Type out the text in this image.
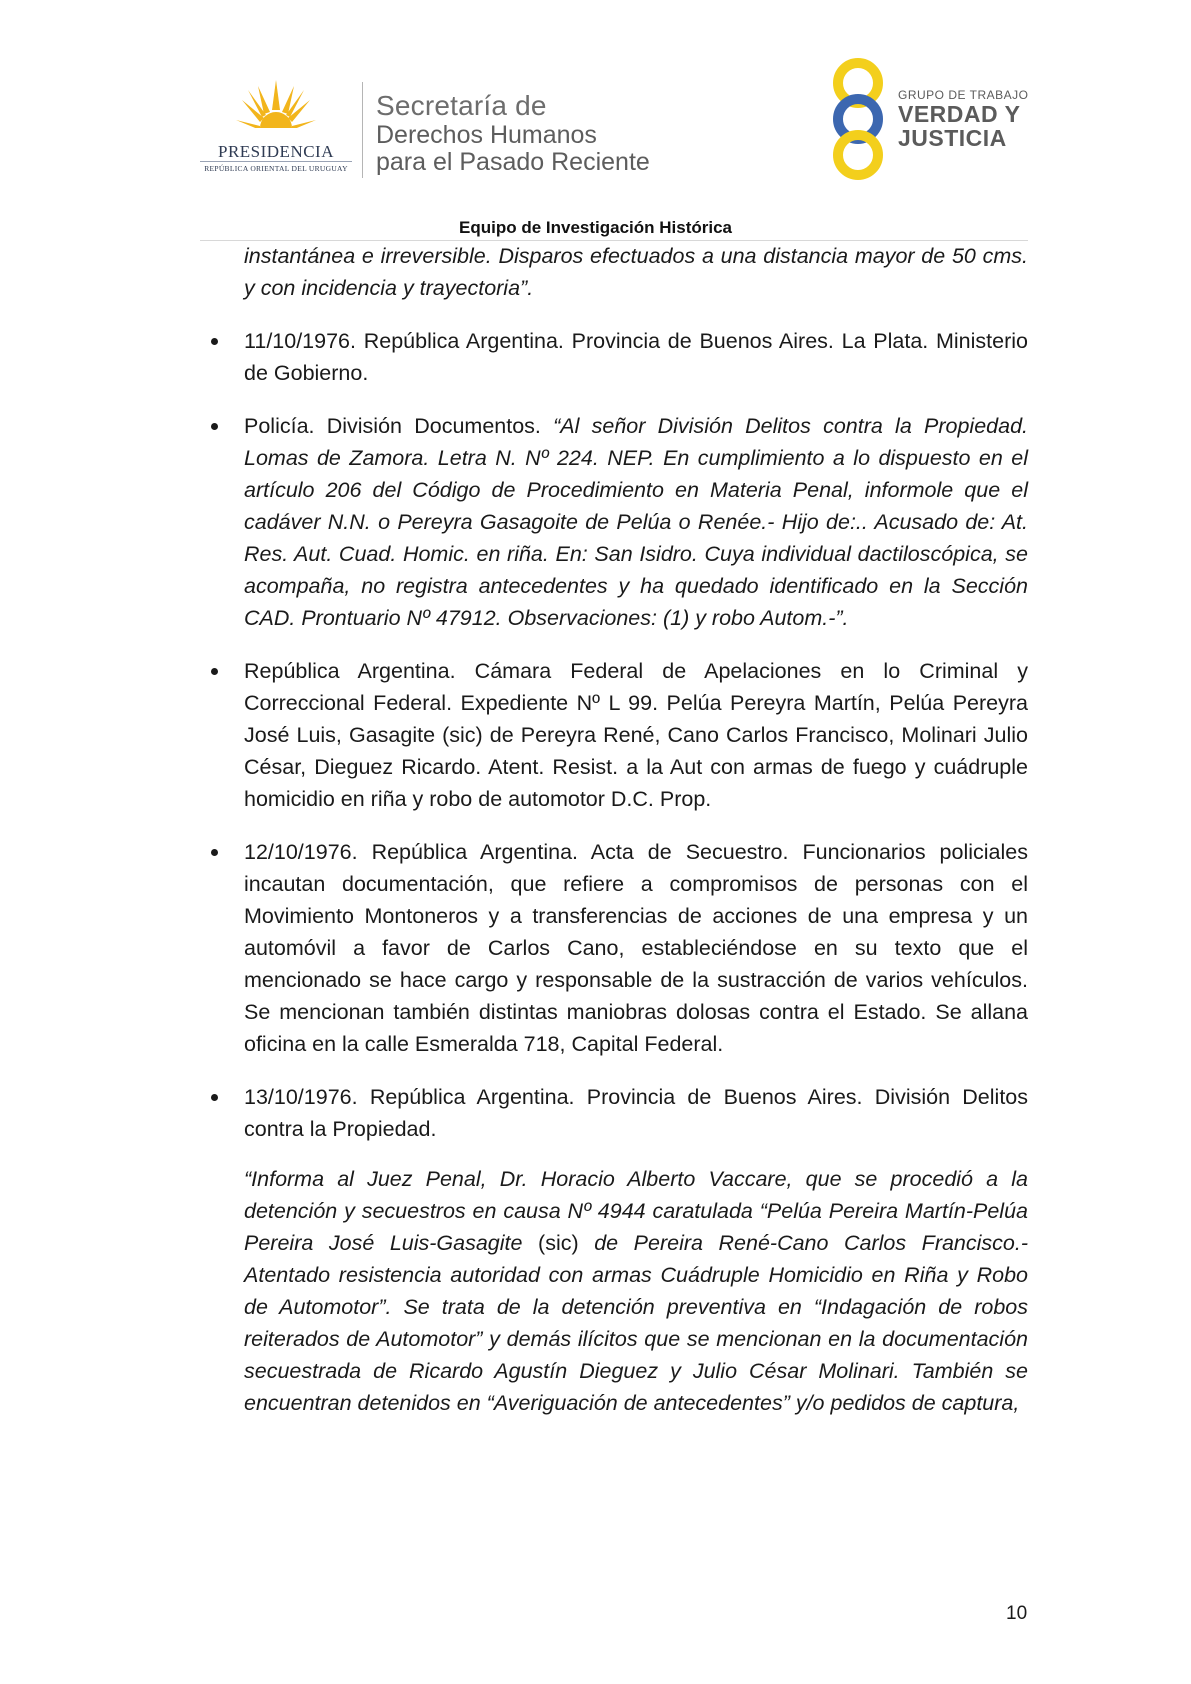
PRESIDENCIA
REPÚBLICA ORIENTAL DEL URUGUAY
Secretaría de
Derechos Humanos
para el Pasado Reciente
GRUPO DE TRABAJO
VERDAD Y
JUSTICIA
Equipo de Investigación Histórica

instantánea e irreversible. Disparos efectuados a una distancia mayor de 50 cms. y con incidencia y trayectoria”.

11/10/1976. República Argentina. Provincia de Buenos Aires. La Plata. Ministerio de Gobierno.
Policía. División Documentos. “Al señor División Delitos contra la Propiedad. Lomas de Zamora. Letra N. Nº 224. NEP. En cumplimiento a lo dispuesto en el artículo 206 del Código de Procedimiento en Materia Penal, informole que el cadáver N.N. o Pereyra Gasagoite de Pelúa o Renée.- Hijo de:.. Acusado de: At. Res. Aut. Cuad. Homic. en riña. En: San Isidro. Cuya individual dactiloscópica, se acompaña, no registra antecedentes y ha quedado identificado en la Sección CAD. Prontuario Nº 47912. Observaciones: (1) y robo Autom.-”.
República Argentina. Cámara Federal de Apelaciones en lo Criminal y Correccional Federal. Expediente Nº L 99. Pelúa Pereyra Martín, Pelúa Pereyra José Luis, Gasagite (sic) de Pereyra René, Cano Carlos Francisco, Molinari Julio César, Dieguez Ricardo. Atent. Resist. a la Aut con armas de fuego y cuádruple homicidio en riña y robo de automotor D.C. Prop.
12/10/1976. República Argentina. Acta de Secuestro. Funcionarios policiales incautan documentación, que refiere a compromisos de personas con el Movimiento Montoneros y a transferencias de acciones de una empresa y un automóvil a favor de Carlos Cano, estableciéndose en su texto que el mencionado se hace cargo y responsable de la sustracción de varios vehículos. Se mencionan también distintas maniobras dolosas contra el Estado. Se allana oficina en la calle Esmeralda 718, Capital Federal.
13/10/1976. República Argentina. Provincia de Buenos Aires. División Delitos contra la Propiedad.

“Informa al Juez Penal, Dr. Horacio Alberto Vaccare, que se procedió a la detención y secuestros en causa Nº 4944 caratulada “Pelúa Pereira Martín-Pelúa Pereira José Luis-Gasagite (sic) de Pereira René-Cano Carlos Francisco.- Atentado resistencia autoridad con armas Cuádruple Homicidio en Riña y Robo de Automotor”. Se trata de la detención preventiva en “Indagación de robos reiterados de Automotor” y demás ilícitos que se mencionan en la documentación secuestrada de Ricardo Agustín Dieguez y Julio César Molinari. También se encuentran detenidos en “Averiguación de antecedentes” y/o pedidos de captura,

10
